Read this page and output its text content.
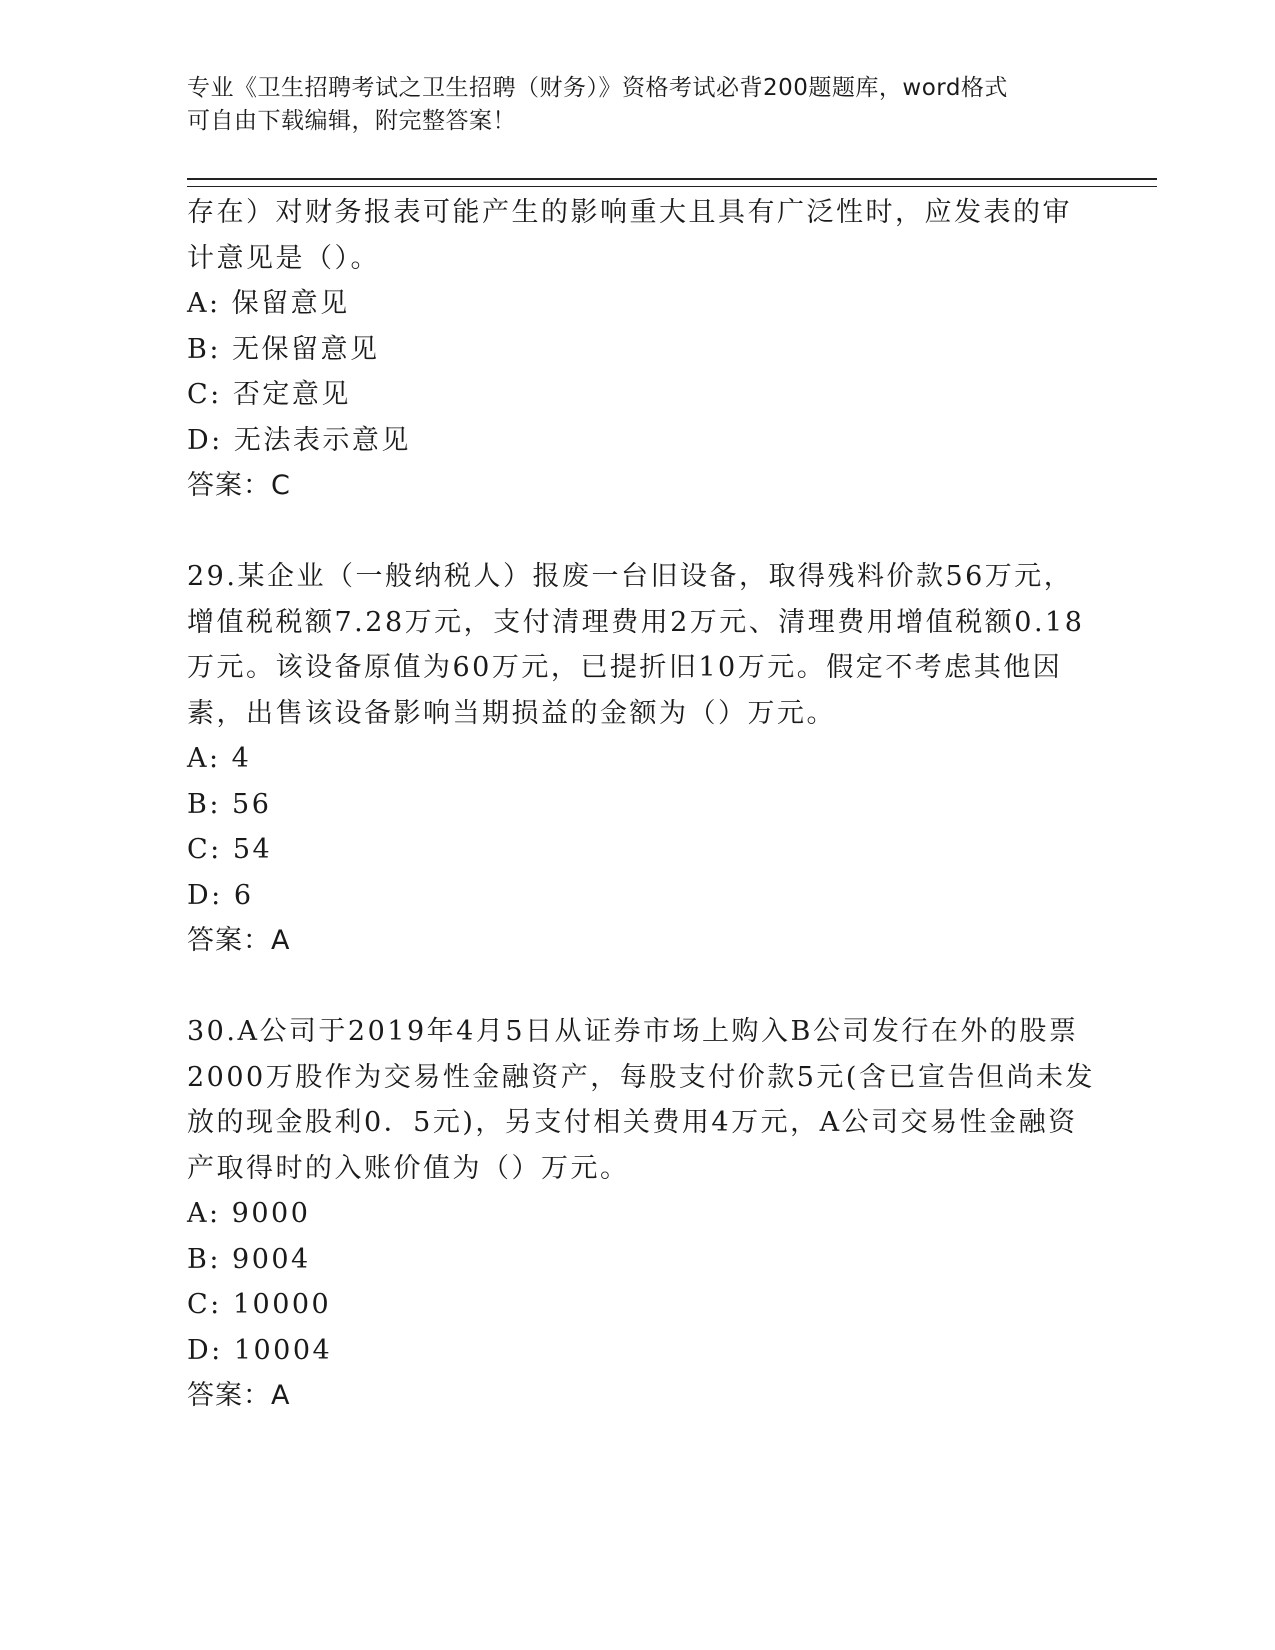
专业《卫生招聘考试之卫生招聘（财务）》资格考试必背200题题库，word格式
可自由下载编辑，附完整答案！
存在）对财务报表可能产生的影响重大且具有广泛性时，应发表的审
计意见是（）。
A: 保留意见
B: 无保留意见
C: 否定意见
D: 无法表示意见
答案：C
29.某企业（一般纳税人）报废一台旧设备，取得残料价款56万元，
增值税税额7.28万元，支付清理费用2万元、清理费用增值税额0.18
万元。该设备原值为60万元，已提折旧10万元。假定不考虑其他因
素，出售该设备影响当期损益的金额为（）万元。
A: 4
B: 56
C: 54
D: 6
答案：A
30.A公司于2019年4月5日从证券市场上购入B公司发行在外的股票
2000万股作为交易性金融资产，每股支付价款5元(含已宣告但尚未发
放的现金股利0．5元)，另支付相关费用4万元，A公司交易性金融资
产取得时的入账价值为（）万元。
A: 9000
B: 9004
C: 10000
D: 10004
答案：A
